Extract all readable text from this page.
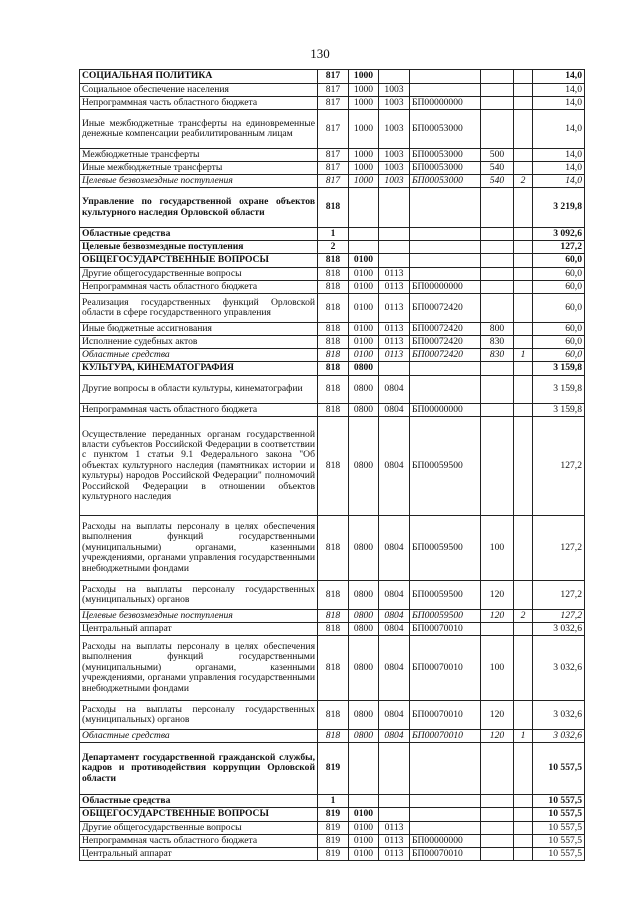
130
СОЦИАЛЬНАЯ ПОЛИТИКА	817	1000					14,0
Социальное обеспечение населения	817	1000	1003				14,0
Непрограммная часть областного бюджета	817	1000	1003	БП00000000			14,0
Иные межбюджетные трансферты на единовременные денежные компенсации реабилитированным лицам	817	1000	1003	БП00053000			14,0
Межбюджетные трансферты	817	1000	1003	БП00053000	500		14,0
Иные межбюджетные трансферты	817	1000	1003	БП00053000	540		14,0
Целевые безвозмездные поступления	817	1000	1003	БП00053000	540	2	14,0
Управление по государственной охране объектов культурного наследия Орловской области	818						3 219,8
Областные средства	1						3 092,6
Целевые безвозмездные поступления	2						127,2
ОБЩЕГОСУДАРСТВЕННЫЕ ВОПРОСЫ	818	0100					60,0
Другие общегосударственные вопросы	818	0100	0113				60,0
Непрограммная часть областного бюджета	818	0100	0113	БП00000000			60,0
Реализация государственных функций Орловской области в сфере государственного управления	818	0100	0113	БП00072420			60,0
Иные бюджетные ассигнования	818	0100	0113	БП00072420	800		60,0
Исполнение судебных актов	818	0100	0113	БП00072420	830		60,0
Областные средства	818	0100	0113	БП00072420	830	1	60,0
КУЛЬТУРА, КИНЕМАТОГРАФИЯ	818	0800					3 159,8
Другие вопросы в области культуры, кинематографии	818	0800	0804				3 159,8
Непрограммная часть областного бюджета	818	0800	0804	БП00000000			3 159,8
Осуществление переданных органам государственной власти субъектов Российской Федерации в соответствии с пунктом 1 статьи 9.1 Федерального закона "Об объектах культурного наследия (памятниках истории и культуры) народов Российской Федерации" полномочий Российской Федерации в отношении объектов культурного наследия	818	0800	0804	БП00059500			127,2
Расходы на выплаты персоналу в целях обеспечения выполнения функций государственными (муниципальными) органами, казенными учреждениями, органами управления государственными внебюджетными фондами	818	0800	0804	БП00059500	100		127,2
Расходы на выплаты персоналу государственных (муниципальных) органов	818	0800	0804	БП00059500	120		127,2
Целевые безвозмездные поступления	818	0800	0804	БП00059500	120	2	127,2
Центральный аппарат	818	0800	0804	БП00070010			3 032,6
Расходы на выплаты персоналу в целях обеспечения выполнения функций государственными (муниципальными) органами, казенными учреждениями, органами управления государственными внебюджетными фондами	818	0800	0804	БП00070010	100		3 032,6
Расходы на выплаты персоналу государственных (муниципальных) органов	818	0800	0804	БП00070010	120		3 032,6
Областные средства	818	0800	0804	БП00070010	120	1	3 032,6
Департамент государственной гражданской службы, кадров и противодействия коррупции Орловской области	819						10 557,5
Областные средства	1						10 557,5
ОБЩЕГОСУДАРСТВЕННЫЕ ВОПРОСЫ	819	0100					10 557,5
Другие общегосударственные вопросы	819	0100	0113				10 557,5
Непрограммная часть областного бюджета	819	0100	0113	БП00000000			10 557,5
Центральный аппарат	819	0100	0113	БП00070010			10 557,5
